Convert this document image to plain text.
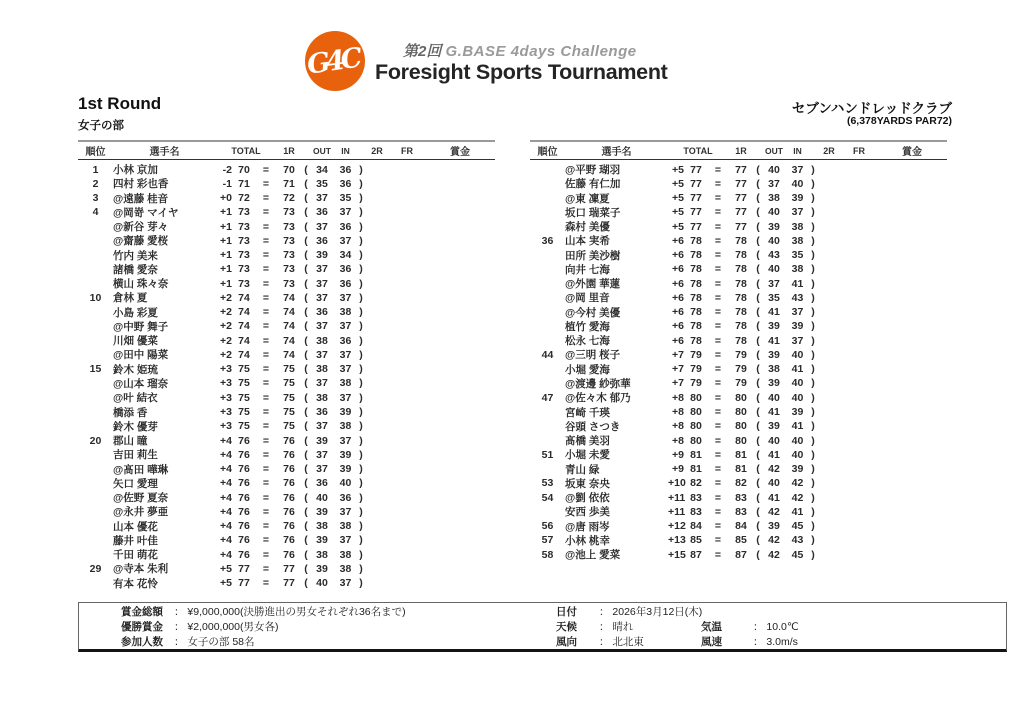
G4C	第2回 G.BASE 4days Challenge
Foresight Sports Tournament
1st Round
女子の部
セブンハンドレッドクラブ
(6,378YARDS PAR72)
順位	選手名	TOTAL	1R	OUT	IN	2R	FR	賞金
1	小林 京加	-2 70	=	70 ( 34	36 )
2	四村 彩也香	-1 71	=	71 ( 35	36 )
3	@遠藤 桂音	+0 72	=	72 ( 37	35 )
4	@岡嵜 マイヤ	+1 73	=	73 ( 36	37 )
@新谷 芽々	+1 73	=	73 ( 37	36 )
@齋藤 愛桜	+1 73	=	73 ( 36	37 )
竹内 美来	+1 73	=	73 ( 39	34 )
諸橋 愛奈	+1 73	=	73 ( 37	36 )
横山 珠々奈	+1 73	=	73 ( 37	36 )
10	倉林 夏	+2 74	=	74 ( 37	37 )
小島 彩夏	+2 74	=	74 ( 36	38 )
@中野 舞子	+2 74	=	74 ( 37	37 )
川畑 優菜	+2 74	=	74 ( 38	36 )
@田中 陽菜	+2 74	=	74 ( 37	37 )
15	鈴木 姫琉	+3 75	=	75 ( 38	37 )
@山本 瑠奈	+3 75	=	75 ( 37	38 )
@叶 結衣	+3 75	=	75 ( 38	37 )
橋添 香	+3 75	=	75 ( 36	39 )
鈴木 優芽	+3 75	=	75 ( 37	38 )
20	郡山 瞳	+4 76	=	76 ( 39	37 )
吉田 莉生	+4 76	=	76 ( 37	39 )
@髙田 嘩琳	+4 76	=	76 ( 37	39 )
矢口 愛理	+4 76	=	76 ( 36	40 )
@佐野 夏奈	+4 76	=	76 ( 40	36 )
@永井 夢亜	+4 76	=	76 ( 39	37 )
山本 優花	+4 76	=	76 ( 38	38 )
藤井 叶佳	+4 76	=	76 ( 39	37 )
千田 萌花	+4 76	=	76 ( 38	38 )
29	@寺本 朱利	+5 77	=	77 ( 39	38 )
有本 花怜	+5 77	=	77 ( 40	37 )
順位	選手名	TOTAL	1R	OUT	IN	2R	FR	賞金
@平野 瑚羽	+5 77	=	77 ( 40	37 )
佐藤 有仁加	+5 77	=	77 ( 37	40 )
@東 凜夏	+5 77	=	77 ( 38	39 )
坂口 瑞菜子	+5 77	=	77 ( 40	37 )
森村 美優	+5 77	=	77 ( 39	38 )
36	山本 実希	+6 78	=	78 ( 40	38 )
田所 美沙樹	+6 78	=	78 ( 43	35 )
向井 七海	+6 78	=	78 ( 40	38 )
@外園 華蓮	+6 78	=	78 ( 37	41 )
@岡 里音	+6 78	=	78 ( 35	43 )
@今村 美優	+6 78	=	78 ( 41	37 )
植竹 愛海	+6 78	=	78 ( 39	39 )
松永 七海	+6 78	=	78 ( 41	37 )
44	@三明 桜子	+7 79	=	79 ( 39	40 )
小堀 愛海	+7 79	=	79 ( 38	41 )
@渡邊 紗弥華	+7 79	=	79 ( 39	40 )
47	@佐々木 郁乃	+8 80	=	80 ( 40	40 )
宮崎 千瑛	+8 80	=	80 ( 41	39 )
谷頭 さつき	+8 80	=	80 ( 39	41 )
髙橋 美羽	+8 80	=	80 ( 40	40 )
51	小堀 未愛	+9 81	=	81 ( 41	40 )
青山 緑	+9 81	=	81 ( 42	39 )
53	坂東 奈央	+10 82	=	82 ( 40	42 )
54	@劉 依依	+11 83	=	83 ( 41	42 )
安西 歩美	+11 83	=	83 ( 42	41 )
56	@唐 雨岑	+12 84	=	84 ( 39	45 )
57	小林 桃幸	+13 85	=	85 ( 42	43 )
58	@池上 愛菜	+15 87	=	87 ( 42	45 )
賞金総額	： ¥9,000,000(決勝進出の男女それぞれ36名まで)	日付	： 2026年3月12日(木)
優勝賞金	： ¥2,000,000(男女各)	天候	： 晴れ	気温	： 10.0℃
参加人数	： 女子の部 58名	風向	： 北北東	風速	： 3.0m/s
